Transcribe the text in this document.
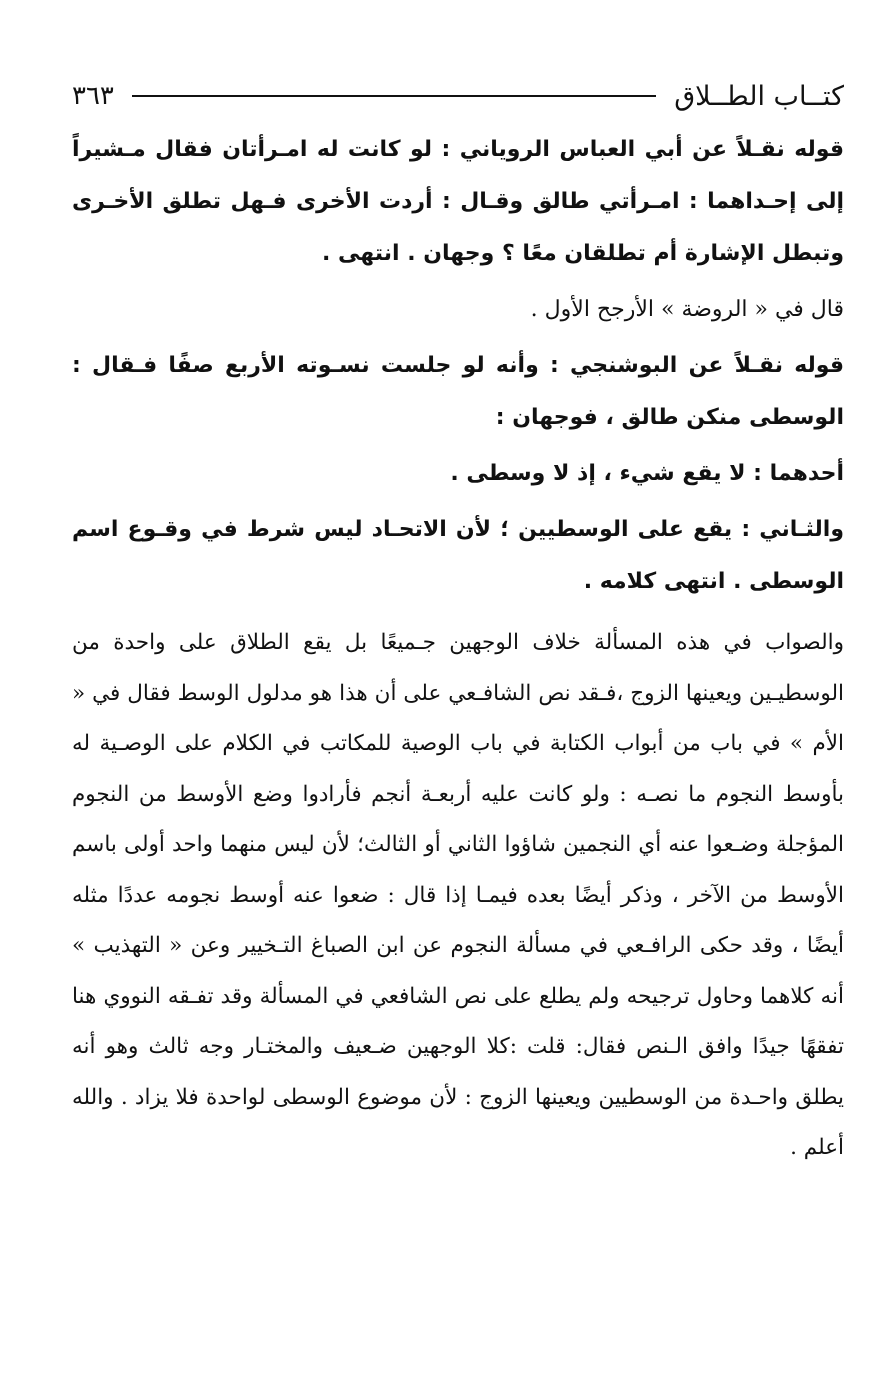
كتــاب الطــلاق
٣٦٣

قوله نقـلاً عن أبي العباس الروياني : لو كانت له امـرأتان فقال مـشيراً إلى إحـداهما : امـرأتي طالق وقـال : أردت الأخرى فـهل تطلق الأخـرى وتبطل الإشارة أم تطلقان معًا ؟ وجهان . انتهى .

قال في « الروضة » الأرجح الأول .

قوله نقـلاً عن البوشنجي : وأنه لو جلست نسـوته الأربع صفًا فـقال : الوسطى منكن طالق ، فوجهان :

أحدهما : لا يقع شيء ، إذ لا وسطى .

والثـاني : يقع على الوسطيين ؛ لأن الاتحـاد ليس شرط في وقـوع اسم الوسطى . انتهى كلامه .

والصواب في هذه المسألة خلاف الوجهين جـميعًا بل يقع الطلاق على واحدة من الوسطيـين ويعينها الزوج ،فـقد نص الشافـعي على أن هذا هو مدلول الوسط فقال في « الأم » في باب من أبواب الكتابة في باب الوصية للمكاتب في الكلام على الوصـية له بأوسط النجوم ما نصـه : ولو كانت عليه أربعـة أنجم فأرادوا وضع الأوسط من النجوم المؤجلة وضـعوا عنه أي النجمين شاؤوا الثاني أو الثالث؛ لأن ليس منهما واحد أولى باسم الأوسط من الآخر ، وذكر أيضًا بعده فيمـا إذا قال : ضعوا عنه أوسط نجومه عددًا مثله أيضًا ، وقد حكى الرافـعي في مسألة النجوم عن ابن الصباغ التـخيير وعن « التهذيب » أنه كلاهما وحاول ترجيحه ولم يطلع على نص الشافعي في المسألة وقد تفـقه النووي هنا تفقهًا جيدًا وافق الـنص فقال: قلت :كلا الوجهين ضـعيف والمختـار وجه ثالث وهو أنه يطلق واحـدة من الوسطيين ويعينها الزوج : لأن موضوع الوسطى لواحدة فلا يزاد . والله أعلم .
